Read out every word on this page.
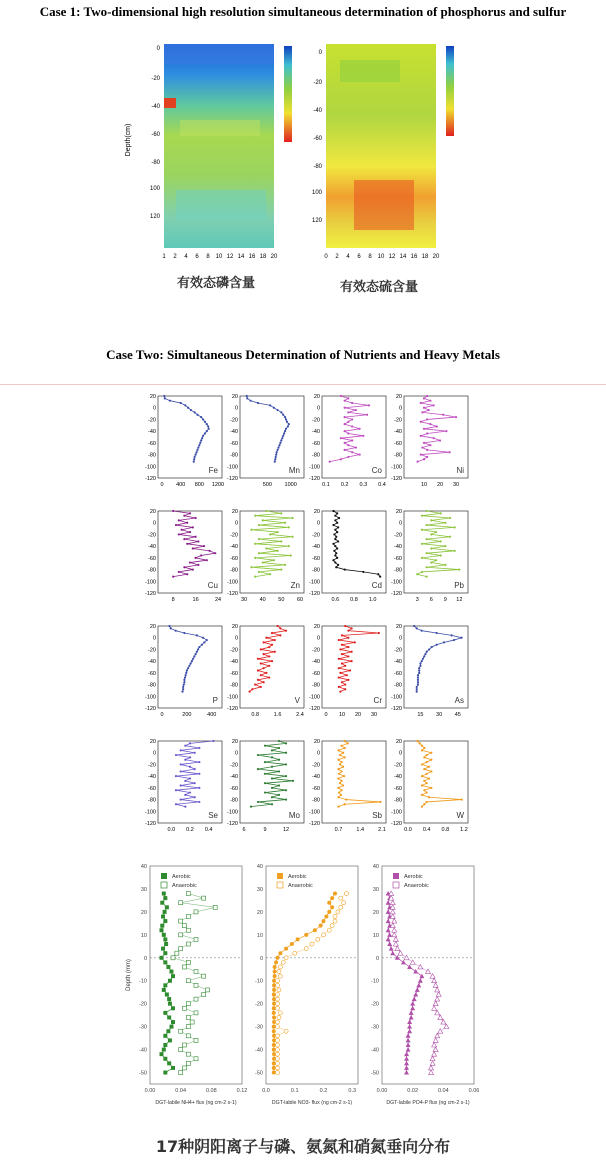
Case 1: Two-dimensional high resolution simultaneous determination of phosphorus and sulfur
Depth(cm)
0
-20
-40
-60
-80
100
120
1 2 4 6 8 10 12 14 16 18 20
0
-20
-40
-60
-80
100
120
0 2 4 6 8 10 12 14 16 18 20
有效态磷含量	有效态硫含量
Case Two: Simultaneous Determination of Nutrients and Heavy Metals
20
0
-20
-40
-60
-80
-100
-120
0 400 800 1200
Fe
20
0
-20
-40
-60
-80
-100
-120
500 1000
Mn
20
0
-20
-40
-60
-80
-100
-120
0.1 0.2 0.3 0.4
Co
20
0
-20
-40
-60
-80
-100
-120
10 20 30
Ni
20
0
-20
-40
-60
-80
-100
-120
8	16	24
Cu
20
0
-20
-40
-60
-80
-100
-120
30 40 50 60
Zn
20
0
-20
-40
-60
-80
-100
-120
0.6 0.8 1.0
Cd
20
0
-20
-40
-60
-80
-100
-120
3 6 9 12
Pb
20
0
-20
-40
-60
-80
-100
-120
0	200	400
P
20
0
-20
-40
-60
-80
-100
-120
0.8	1.6	2.4
V
20
0
-20
-40
-60
-80
-100
-120
0 10 20 30
Cr
20
0
-20
-40
-60
-80
-100
-120
15 30 45
As
20
0
-20
-40
-60
-80
-100
-120
0.0 0.2 0.4
Se
20
0
-20
-40
-60
-80
-100
-120
6	9	12
Mo
20
0
-20
-40
-60
-80
-100
-120
0.7	1.4	2.1
Sb
20
0
-20
-40
-60
-80
-100
-120
0.0 0.4 0.8 1.2
W
40
30
20
10
0
-10
-20
-30
-40
-50
0.00	0.04	0.08	0.12
DGT-labile NH4+ flux (ng cm-2 s-1)
Aerobic
Anaerobic
Depth (mm)
40
30
20
10
0
-10
-20
-30
-40
-50
0.0	0.1	0.2	0.3
DGT-labile NO3- flux (ng cm-2 s-1)
Aerobic
Anaerobic
40
30
20
10
0
-10
-20
-30
-40
-50
0.00	0.02	0.04	0.06
DGT-labile PO4-P flux (ng cm-2 s-1)
Aerobic
Anaerobic
17种阴阳离子与磷、氨氮和硝氮垂向分布
